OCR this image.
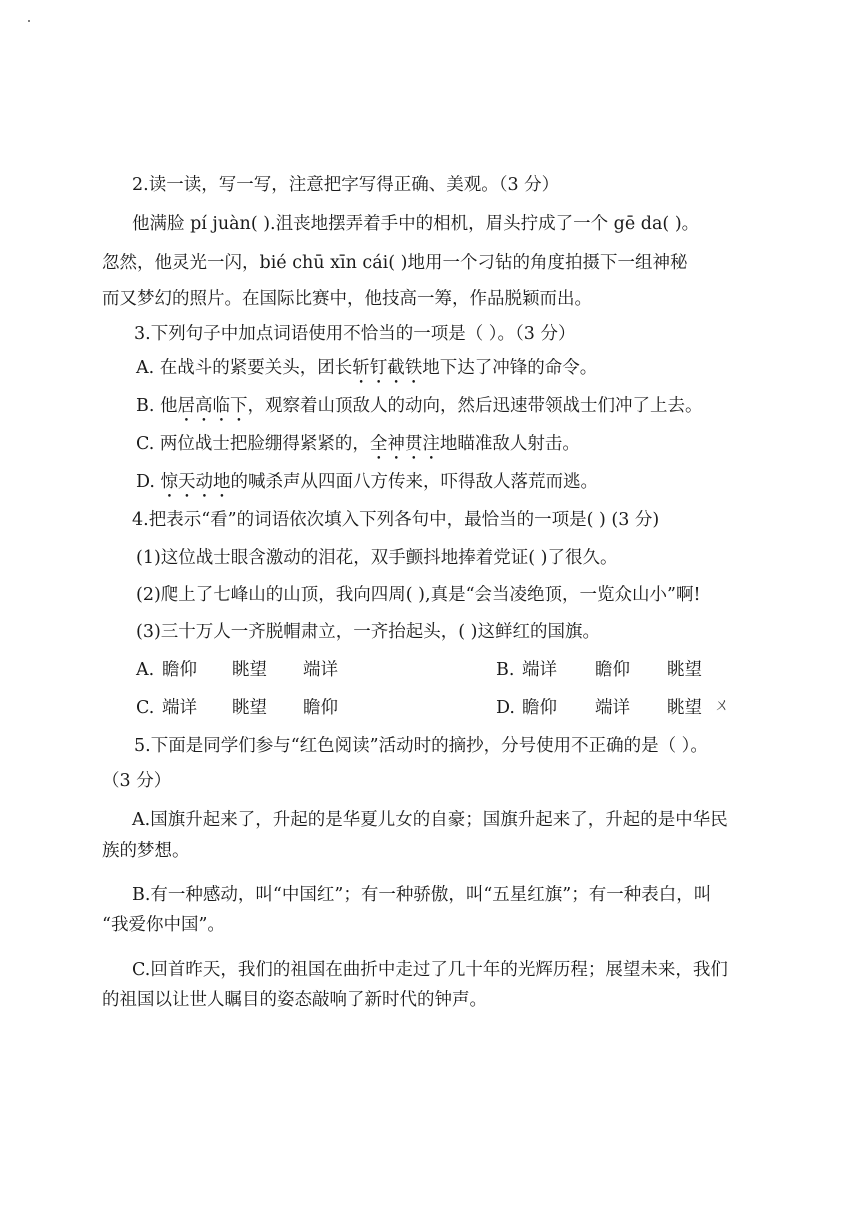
2.读一读，写一写，注意把字写得正确、美观。（3 分）
他满脸 pí juàn( ).沮丧地摆弄着手中的相机，眉头拧成了一个 gē da( )。
忽然，他灵光一闪，bié chū xīn cái( )地用一个刁钻的角度拍摄下一组神秘
而又梦幻的照片。在国际比赛中，他技高一筹，作品脱颖而出。
3.下列句子中加点词语使用不恰当的一项是（ ）。（3 分）
A. 在战斗的紧要关头，团长斩钉截铁地下达了冲锋的命令。
B. 他居高临下，观察着山顶敌人的动向，然后迅速带领战士们冲了上去。
C. 两位战士把脸绷得紧紧的，全神贯注地瞄准敌人射击。
D. 惊天动地的喊杀声从四面八方传来，吓得敌人落荒而逃。
4.把表示“看”的词语依次填入下列各句中，最恰当的一项是( ) (3 分)
(1)这位战士眼含激动的泪花，双手颤抖地捧着党证( )了很久。
(2)爬上了七峰山的山顶，我向四周( ),真是“会当凌绝顶，一览众山小”啊!
(3)三十万人一齐脱帽肃立，一齐抬起头，( )这鲜红的国旗。
A. 瞻仰 眺望 端详	B. 端详 瞻仰 眺望
C. 端详 眺望 瞻仰	D. 瞻仰 端详 眺望 ㄨ
5.下面是同学们参与“红色阅读”活动时的摘抄，分号使用不正确的是（ ）。
（3 分）
A.国旗升起来了，升起的是华夏儿女的自豪；国旗升起来了，升起的是中华民
族的梦想。
B.有一种感动，叫“中国红”；有一种骄傲，叫“五星红旗”；有一种表白，叫
“我爱你中国”。
C.回首昨天，我们的祖国在曲折中走过了几十年的光辉历程；展望未来，我们
的祖国以让世人瞩目的姿态敲响了新时代的钟声。
